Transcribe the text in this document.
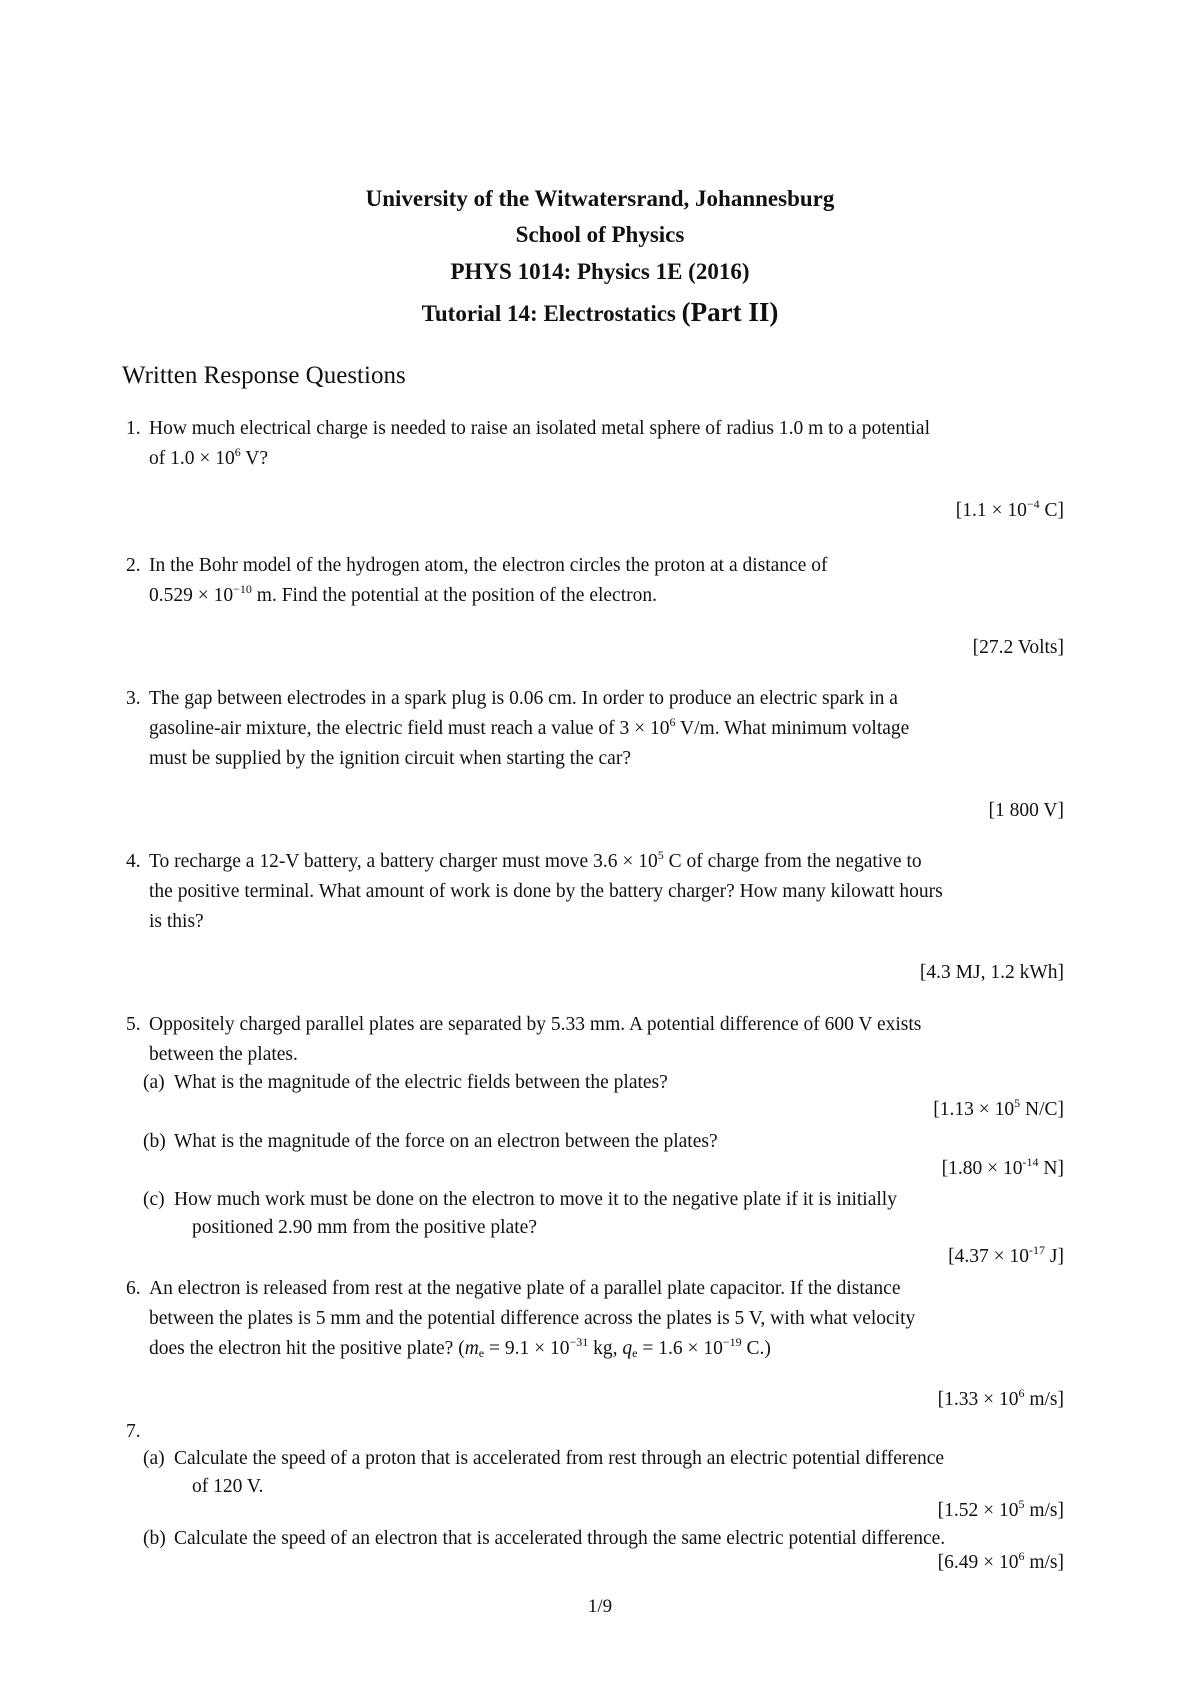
University of the Witwatersrand, Johannesburg
School of Physics
PHYS 1014: Physics 1E (2016)
Tutorial 14: Electrostatics (Part II)
Written Response Questions
1. How much electrical charge is needed to raise an isolated metal sphere of radius 1.0 m to a potential
of $1.0 \times 10^6$ V?
[$1.1 \times 10^{-4}$ C]
2. In the Bohr model of the hydrogen atom, the electron circles the proton at a distance of
$0.529 \times 10^{-10}$ m. Find the potential at the position of the electron.
[27.2 Volts]
3. The gap between electrodes in a spark plug is 0.06 cm. In order to produce an electric spark in a
gasoline-air mixture, the electric field must reach a value of $3 \times 10^6$ V/m. What minimum voltage
must be supplied by the ignition circuit when starting the car?
[1 800 V]
4. To recharge a 12-V battery, a battery charger must move $3.6 \times 10^5$ C of charge from the negative to
the positive terminal. What amount of work is done by the battery charger? How many kilowatt hours
is this?
[4.3 MJ, 1.2 kWh]
5. Oppositely charged parallel plates are separated by 5.33 mm. A potential difference of 600 V exists
between the plates.
(a) What is the magnitude of the electric fields between the plates?
[$1.13 \times 10^5$ N/C]
(b) What is the magnitude of the force on an electron between the plates?
[$1.80 \times 10^{-14}$ N]
(c) How much work must be done on the electron to move it to the negative plate if it is initially
positioned 2.90 mm from the positive plate?
[$4.37 \times 10^{-17}$ J]
6. An electron is released from rest at the negative plate of a parallel plate capacitor. If the distance
between the plates is 5 mm and the potential difference across the plates is 5 V, with what velocity
does the electron hit the positive plate? ($m_e = 9.1 \times 10^{-31}$ kg, $q_e = 1.6 \times 10^{-19}$ C.)
[$1.33 \times 10^6$ m/s]
7.
(a) Calculate the speed of a proton that is accelerated from rest through an electric potential difference
of 120 V.
[$1.52 \times 10^5$ m/s]
(b) Calculate the speed of an electron that is accelerated through the same electric potential difference.
[$6.49 \times 10^6$ m/s]
1/9
